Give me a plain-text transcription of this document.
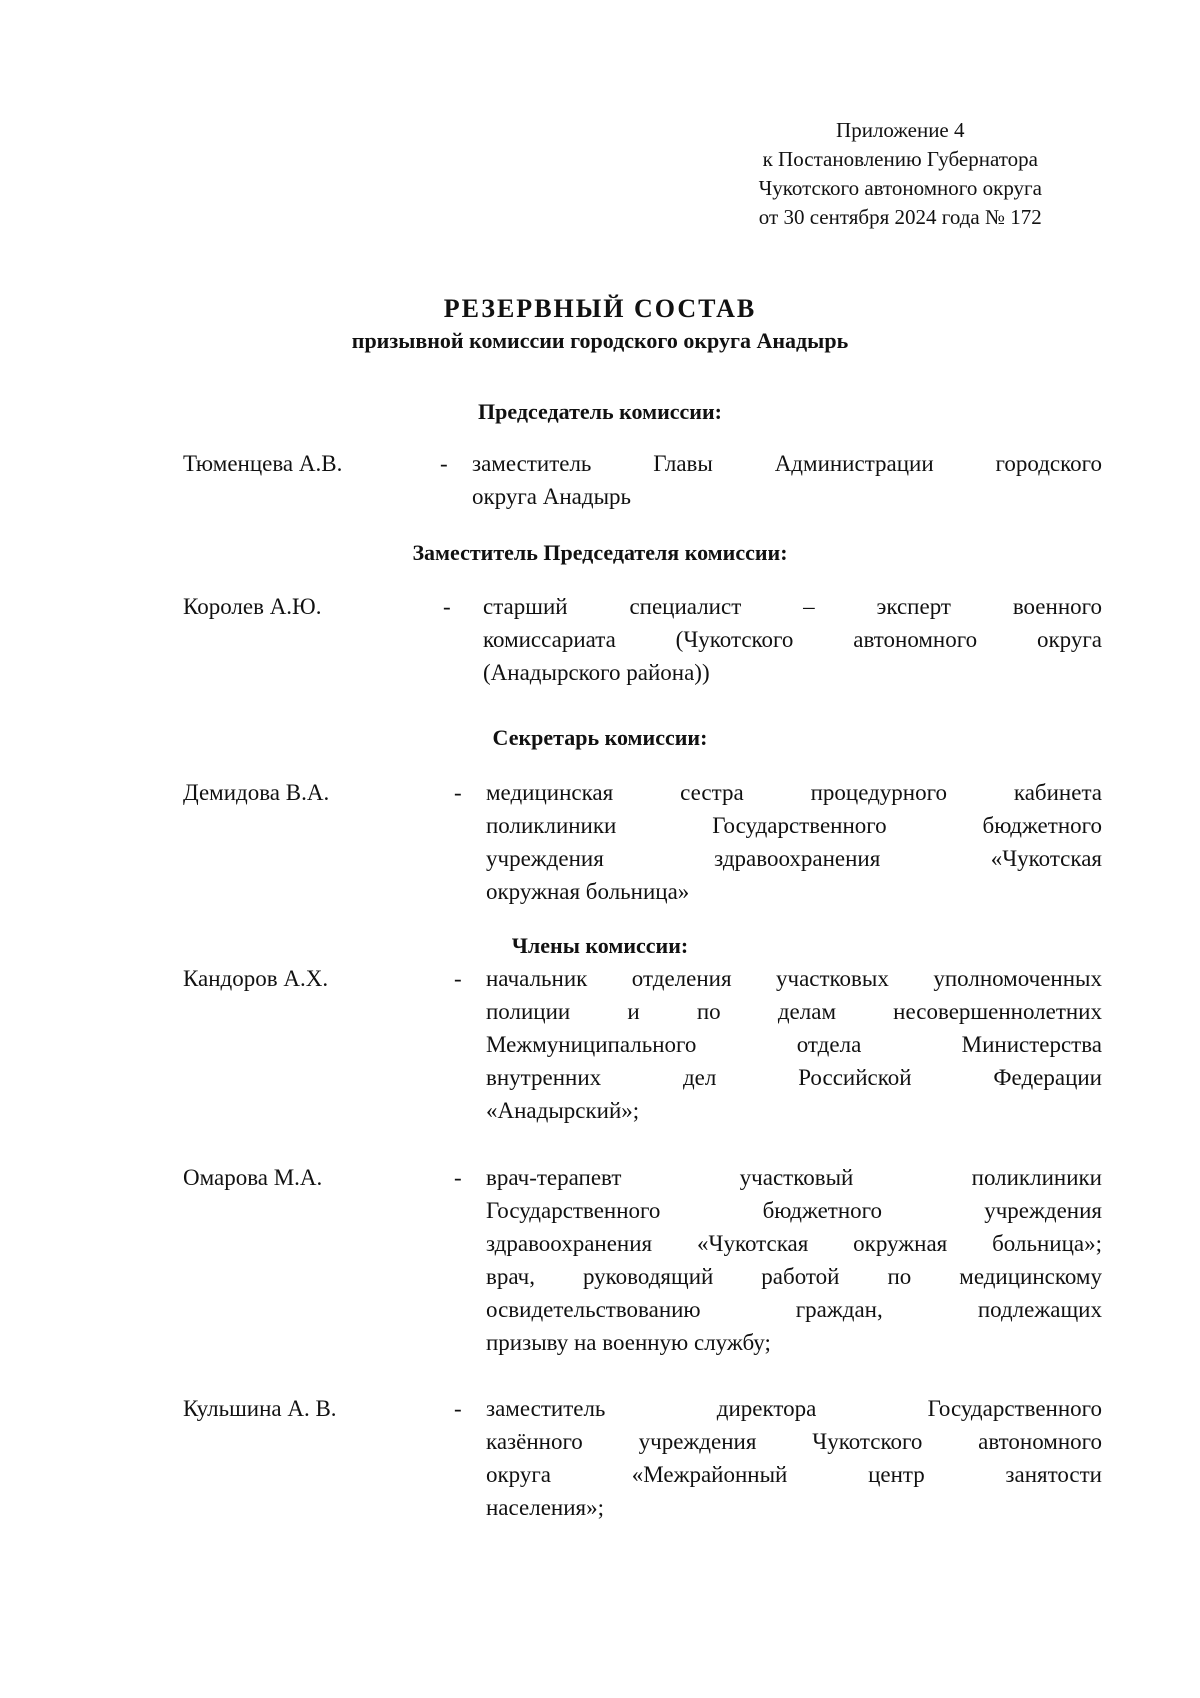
Приложение 4
к Постановлению Губернатора
Чукотского автономного округа
от 30 сентября 2024 года № 172
РЕЗЕРВНЫЙ СОСТАВ
призывной комиссии городского округа Анадырь
Председатель комиссии:
Тюменцева А.В.	- заместитель Главы Администрации городского
округа Анадырь
Заместитель Председателя комиссии:
Королев А.Ю.	- старший специалист – эксперт военного
комиссариата (Чукотского автономного округа
(Анадырского района))
Секретарь комиссии:
Демидова В.А.	- медицинская сестра процедурного кабинета
поликлиники Государственного бюджетного
учреждения здравоохранения «Чукотская
окружная больница»
Члены комиссии:
Кандоров А.Х.	- начальник отделения участковых уполномоченных
полиции и по делам несовершеннолетних
Межмуниципального отдела Министерства
внутренних дел Российской Федерации
«Анадырский»;
Омарова М.А.	- врач-терапевт участковый поликлиники
Государственного бюджетного учреждения
здравоохранения «Чукотская окружная больница»;
врач, руководящий работой по медицинскому
освидетельствованию граждан, подлежащих
призыву на военную службу;
Кульшина А. В.	- заместитель директора Государственного
казённого учреждения Чукотского автономного
округа «Межрайонный центр занятости
населения»;
